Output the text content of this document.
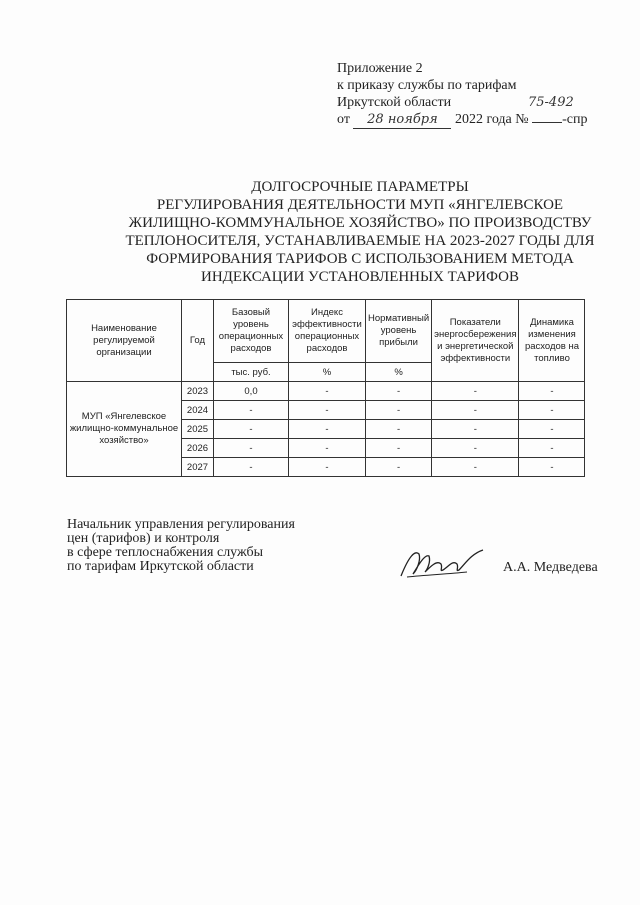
Приложение 2
к приказу службы по тарифам
Иркутской области
от 28 ноября 2022 года № -спр
75-492
ДОЛГОСРОЧНЫЕ ПАРАМЕТРЫ
РЕГУЛИРОВАНИЯ ДЕЯТЕЛЬНОСТИ МУП «ЯНГЕЛЕВСКОЕ
ЖИЛИЩНО-КОММУНАЛЬНОЕ ХОЗЯЙСТВО» ПО ПРОИЗВОДСТВУ
ТЕПЛОНОСИТЕЛЯ, УСТАНАВЛИВАЕМЫЕ НА 2023-2027 ГОДЫ ДЛЯ
ФОРМИРОВАНИЯ ТАРИФОВ С ИСПОЛЬЗОВАНИЕМ МЕТОДА
ИНДЕКСАЦИИ УСТАНОВЛЕННЫХ ТАРИФОВ
Наименование регулируемой организации	Год	Базовый уровень операционных расходов	Индекс эффективности операционных расходов	Нормативный уровень прибыли	Показатели энергосбережения и энергетической эффективности	Динамика изменения расходов на топливо
		тыс. руб.	%	%		
МУП «Янгелевское жилищно-коммунальное хозяйство»	2023	0,0	-	-	-	-
	2024	-	-	-	-	-
	2025	-	-	-	-	-
	2026	-	-	-	-	-
	2027	-	-	-	-	-
Начальник управления регулирования
цен (тарифов) и контроля
в сфере теплоснабжения службы
по тарифам Иркутской области	А.А. Медведева
